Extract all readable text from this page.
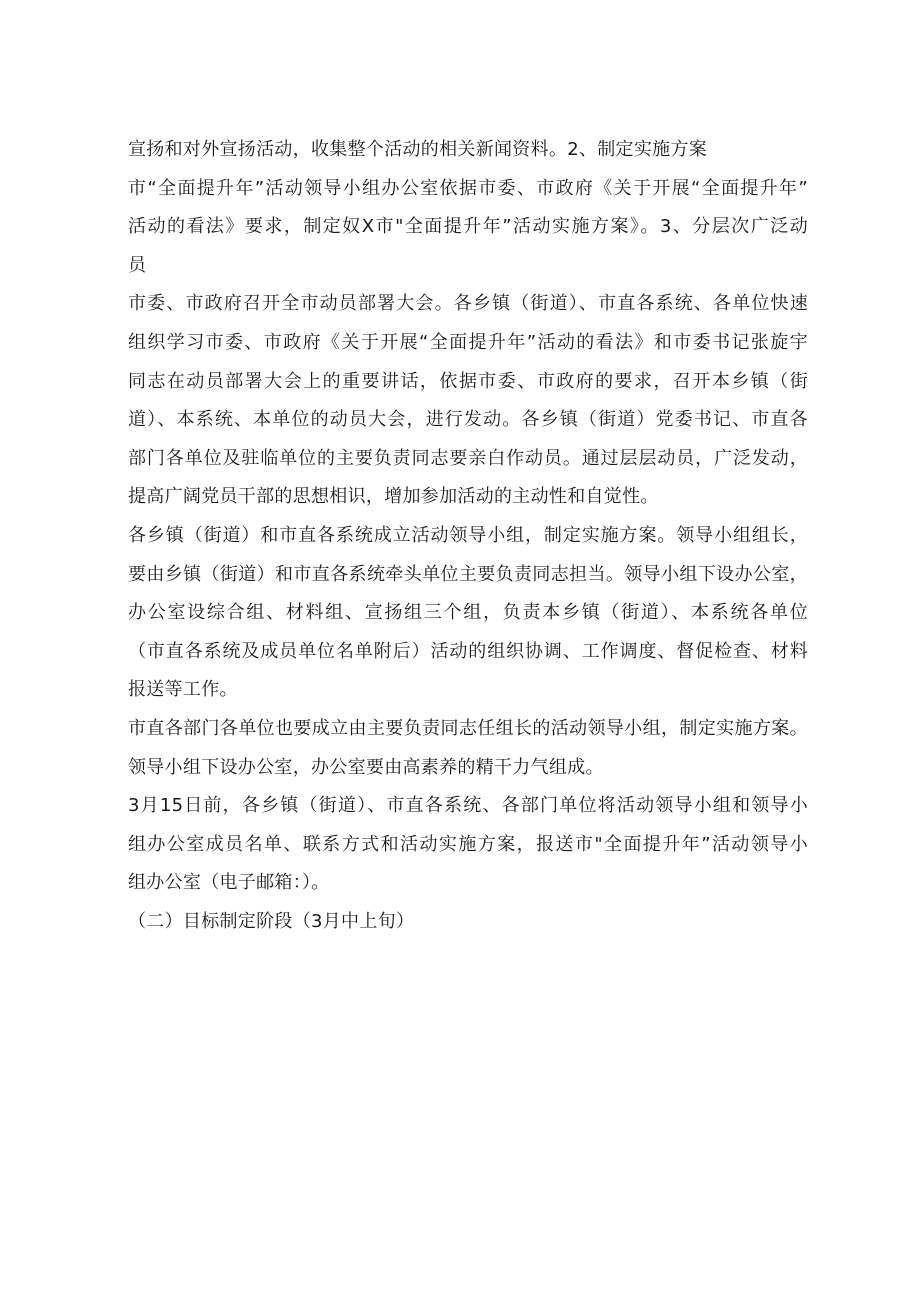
宣扬和对外宣扬活动，收集整个活动的相关新闻资料。2、制定实施方案
市“全面提升年”活动领导小组办公室依据市委、市政府《关于开展“全面提升年”
活动的看法》要求，制定奴X市"全面提升年”活动实施方案》。3、分层次广泛动
员
市委、市政府召开全市动员部署大会。各乡镇（街道）、市直各系统、各单位快速
组织学习市委、市政府《关于开展“全面提升年”活动的看法》和市委书记张旋宇
同志在动员部署大会上的重要讲话，依据市委、市政府的要求，召开本乡镇（街
道）、本系统、本单位的动员大会，进行发动。各乡镇（街道）党委书记、市直各
部门各单位及驻临单位的主要负责同志要亲白作动员。通过层层动员，广泛发动，
提高广阔党员干部的思想相识，增加参加活动的主动性和自觉性。
各乡镇（街道）和市直各系统成立活动领导小组，制定实施方案。领导小组组长，
要由乡镇（街道）和市直各系统牵头单位主要负责同志担当。领导小组下设办公室，
办公室设综合组、材料组、宣扬组三个组，负责本乡镇（街道）、本系统各单位
（市直各系统及成员单位名单附后）活动的组织协调、工作调度、督促检查、材料
报送等工作。
市直各部门各单位也要成立由主要负责同志任组长的活动领导小组，制定实施方案。
领导小组下设办公室，办公室要由高素养的精干力气组成。
3月15日前，各乡镇（街道）、市直各系统、各部门单位将活动领导小组和领导小
组办公室成员名单、联系方式和活动实施方案，报送市"全面提升年”活动领导小
组办公室（电子邮箱：）。
（二）目标制定阶段（3月中上旬）
